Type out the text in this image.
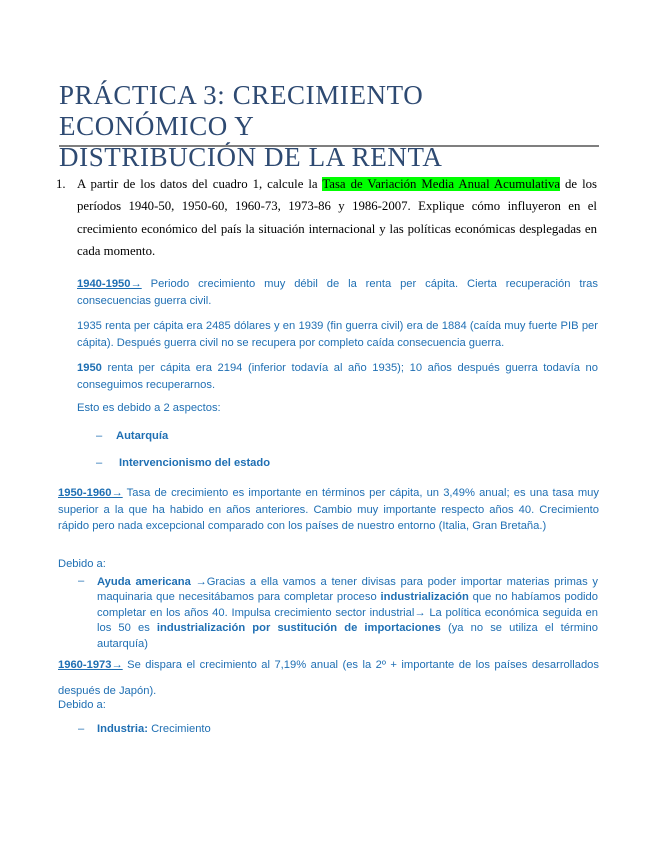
PRÁCTICA 3: CRECIMIENTO ECONÓMICO Y
DISTRIBUCIÓN DE LA RENTA
1. A partir de los datos del cuadro 1, calcule la Tasa de Variación Media Anual Acumulativa de los períodos 1940-50, 1950-60, 1960-73, 1973-86 y 1986-2007. Explique cómo influyeron en el crecimiento económico del país la situación internacional y las políticas económicas desplegadas en cada momento.
1940-1950→ Periodo crecimiento muy débil de la renta per cápita. Cierta recuperación tras consecuencias guerra civil.
1935 renta per cápita era 2485 dólares y en 1939 (fin guerra civil) era de 1884 (caída muy fuerte PIB per cápita). Después guerra civil no se recupera por completo caída consecuencia guerra.
1950 renta per cápita era 2194 (inferior todavía al año 1935); 10 años después guerra todavía no conseguimos recuperarnos.
Esto es debido a 2 aspectos:
– Autarquía
– Intervencionismo del estado
1950-1960→ Tasa de crecimiento es importante en términos per cápita, un 3,49% anual; es una tasa muy superior a la que ha habido en años anteriores. Cambio muy importante respecto años 40. Crecimiento rápido pero nada excepcional comparado con los países de nuestro entorno (Italia, Gran Bretaña.)
Debido a:
– Ayuda americana →Gracias a ella vamos a tener divisas para poder importar materias primas y maquinaria que necesitábamos para completar proceso industrialización que no habíamos podido completar en los años 40. Impulsa crecimiento sector industrial→ La política económica seguida en los 50 es industrialización por sustitución de importaciones (ya no se utiliza el término autarquía)
1960-1973→ Se dispara el crecimiento al 7,19% anual (es la 2º + importante de los países desarrollados después de Japón).
Debido a:
– Industria: Crecimiento
